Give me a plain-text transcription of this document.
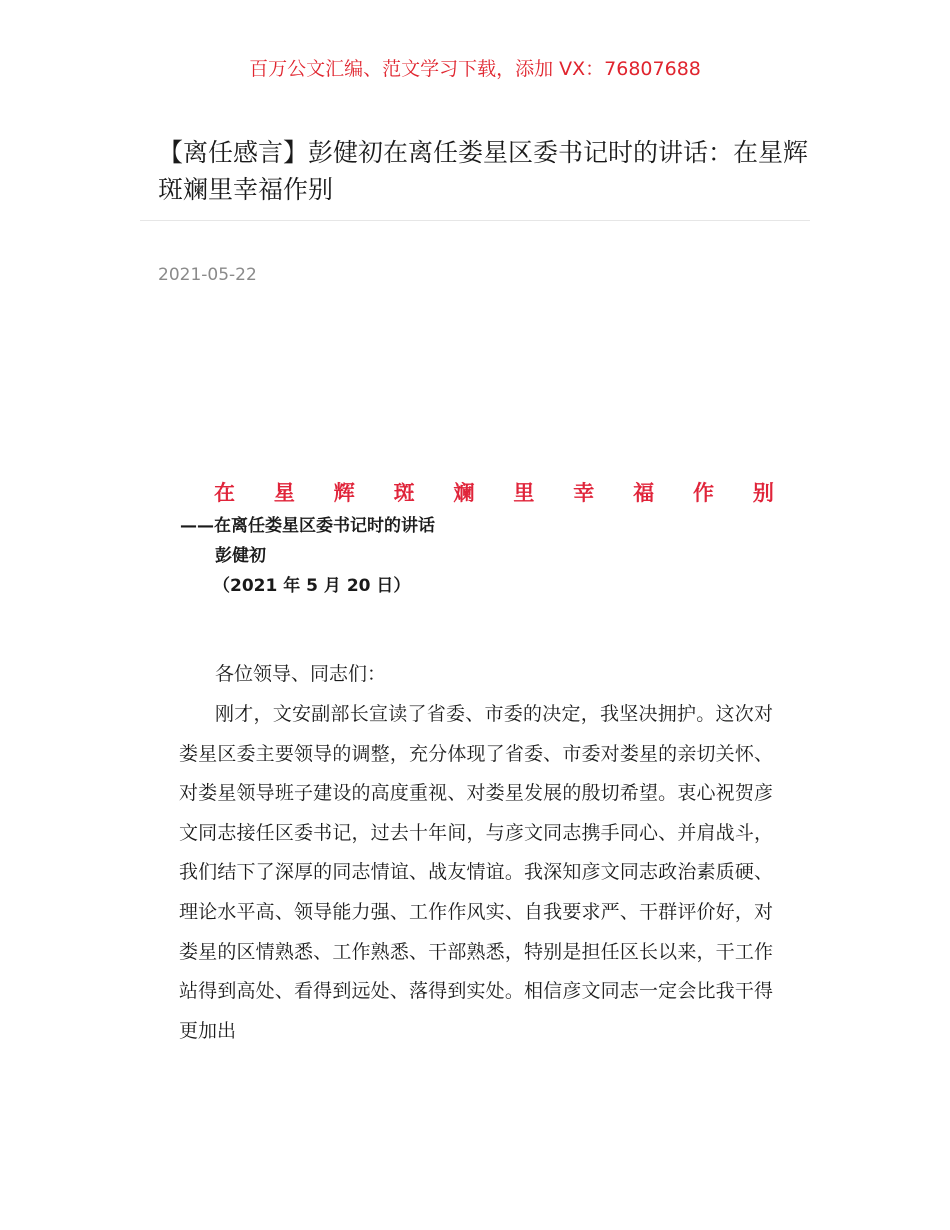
百万公文汇编、范文学习下载，添加 VX：76807688
【离任感言】彭健初在离任娄星区委书记时的讲话：在星辉斑斓里幸福作别
2021-05-22
在 星 辉 斑 斓 里 幸 福 作 别
——在离任娄星区委书记时的讲话
彭健初
（2021 年 5 月 20 日）
各位领导、同志们：

刚才，文安副部长宣读了省委、市委的决定，我坚决拥护。这次对娄星区委主要领导的调整，充分体现了省委、市委对娄星的亲切关怀、对娄星领导班子建设的高度重视、对娄星发展的殷切希望。衷心祝贺彦文同志接任区委书记，过去十年间，与彦文同志携手同心、并肩战斗，我们结下了深厚的同志情谊、战友情谊。我深知彦文同志政治素质硬、理论水平高、领导能力强、工作作风实、自我要求严、干群评价好，对娄星的区情熟悉、工作熟悉、干部熟悉，特别是担任区长以来，干工作站得到高处、看得到远处、落得到实处。相信彦文同志一定会比我干得更加出
